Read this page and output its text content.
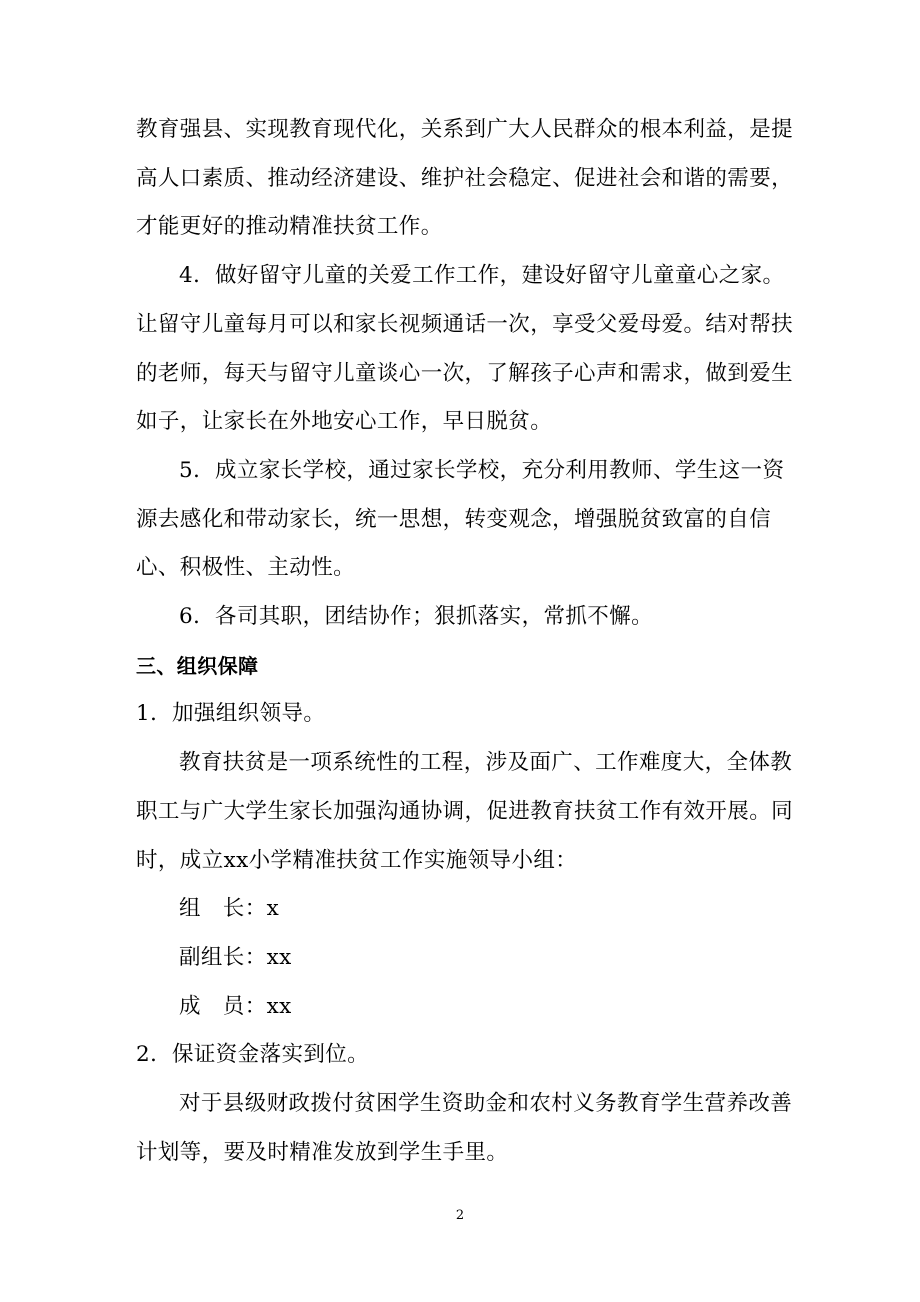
教育强县、实现教育现代化，关系到广大人民群众的根本利益，是提高人口素质、推动经济建设、维护社会稳定、促进社会和谐的需要，才能更好的推动精准扶贫工作。

4．做好留守儿童的关爱工作工作，建设好留守儿童童心之家。让留守儿童每月可以和家长视频通话一次，享受父爱母爱。结对帮扶的老师，每天与留守儿童谈心一次，了解孩子心声和需求，做到爱生如子，让家长在外地安心工作，早日脱贫。

5．成立家长学校，通过家长学校，充分利用教师、学生这一资源去感化和带动家长，统一思想，转变观念，增强脱贫致富的自信心、积极性、主动性。

6．各司其职，团结协作；狠抓落实，常抓不懈。

三、组织保障

1．加强组织领导。

教育扶贫是一项系统性的工程，涉及面广、工作难度大，全体教职工与广大学生家长加强沟通协调，促进教育扶贫工作有效开展。同时，成立xx小学精准扶贫工作实施领导小组：

组　长：x

副组长：xx

成　员：xx

2．保证资金落实到位。

对于县级财政拨付贫困学生资助金和农村义务教育学生营养改善计划等，要及时精准发放到学生手里。

2
